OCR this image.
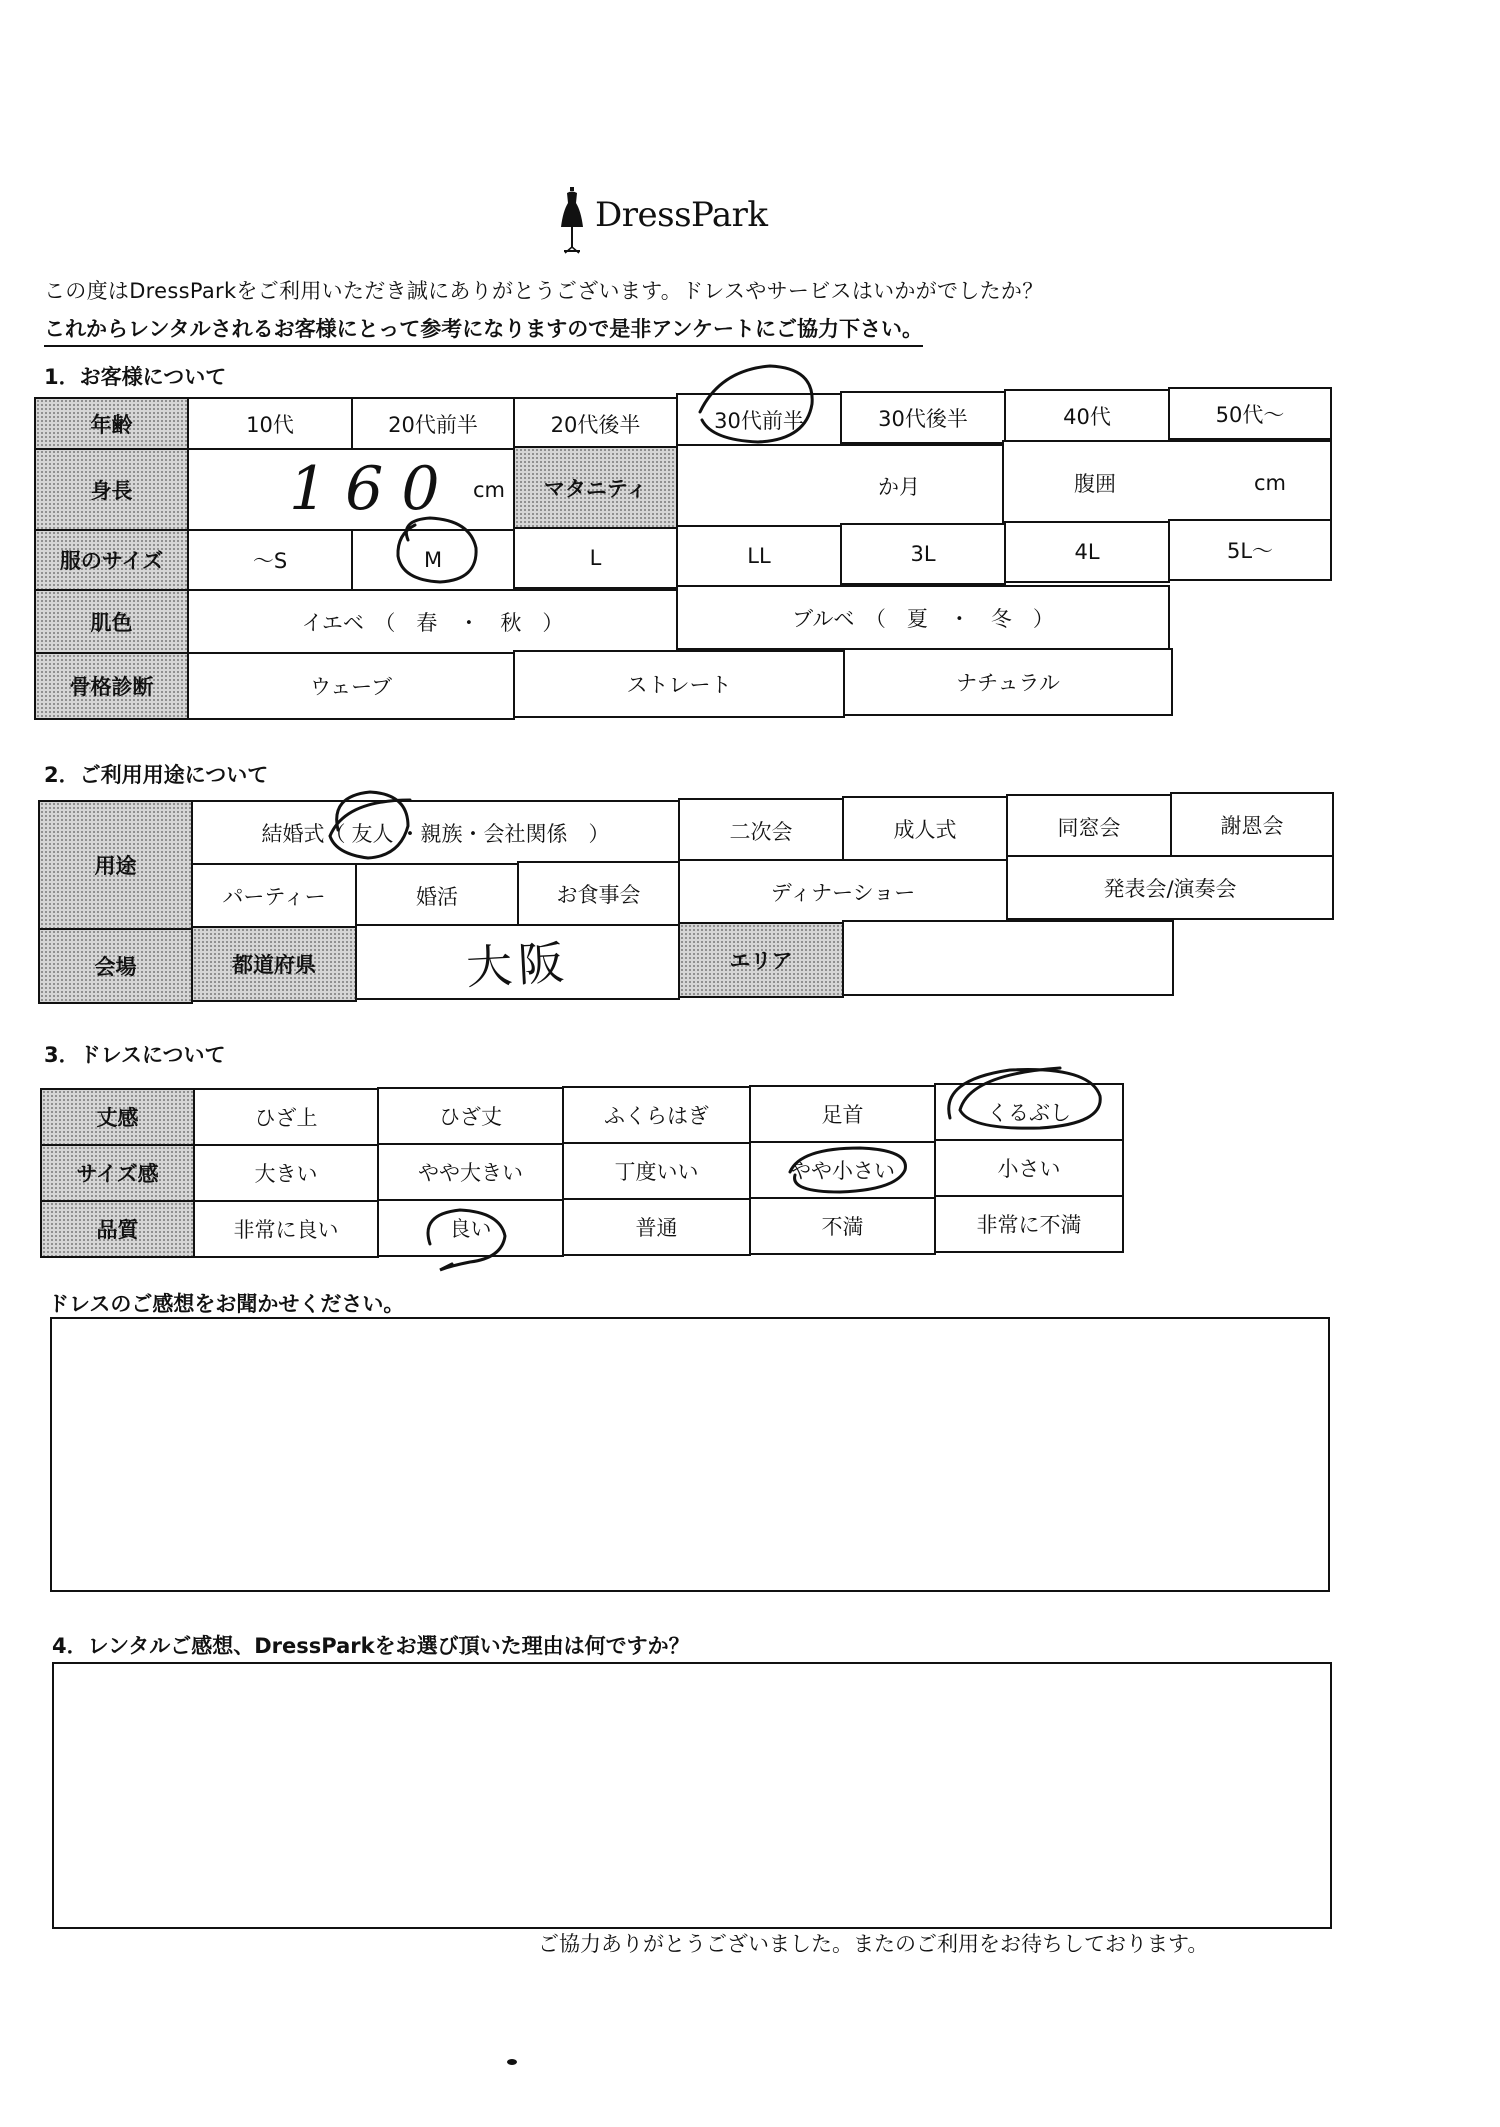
DressPark
この度はDressParkをご利用いただき誠にありがとうございます。ドレスやサービスはいかがでしたか？
これからレンタルされるお客様にとって参考になりますので是非アンケートにご協力下さい。
1．お客様について
年齢	10代	20代前半	20代後半	30代前半	30代後半	40代	50代～
身長	160 cm	マタニティ	か月	腹囲	cm
服のサイズ	～S	M	L	LL	3L	4L	5L～
肌色	イエベ　（　春　・　秋　）	ブルベ　（　夏　・　冬　）
骨格診断	ウェーブ	ストレート	ナチュラル
2．ご利用用途について
用途
結婚式（ 友人 ・親族・会社関係　）	二次会	成人式	同窓会	謝恩会
パーティー	婚活	お食事会	ディナーショー	発表会/演奏会
会場	都道府県	大阪	エリア
3．ドレスについて
丈感	ひざ上	ひざ丈	ふくらはぎ	足首	くるぶし
サイズ感	大きい	やや大きい	丁度いい	やや小さい	小さい
品質	非常に良い	良い	普通	不満	非常に不満
ドレスのご感想をお聞かせください。
4．レンタルご感想、DressParkをお選び頂いた理由は何ですか？
ご協力ありがとうございました。またのご利用をお待ちしております。
